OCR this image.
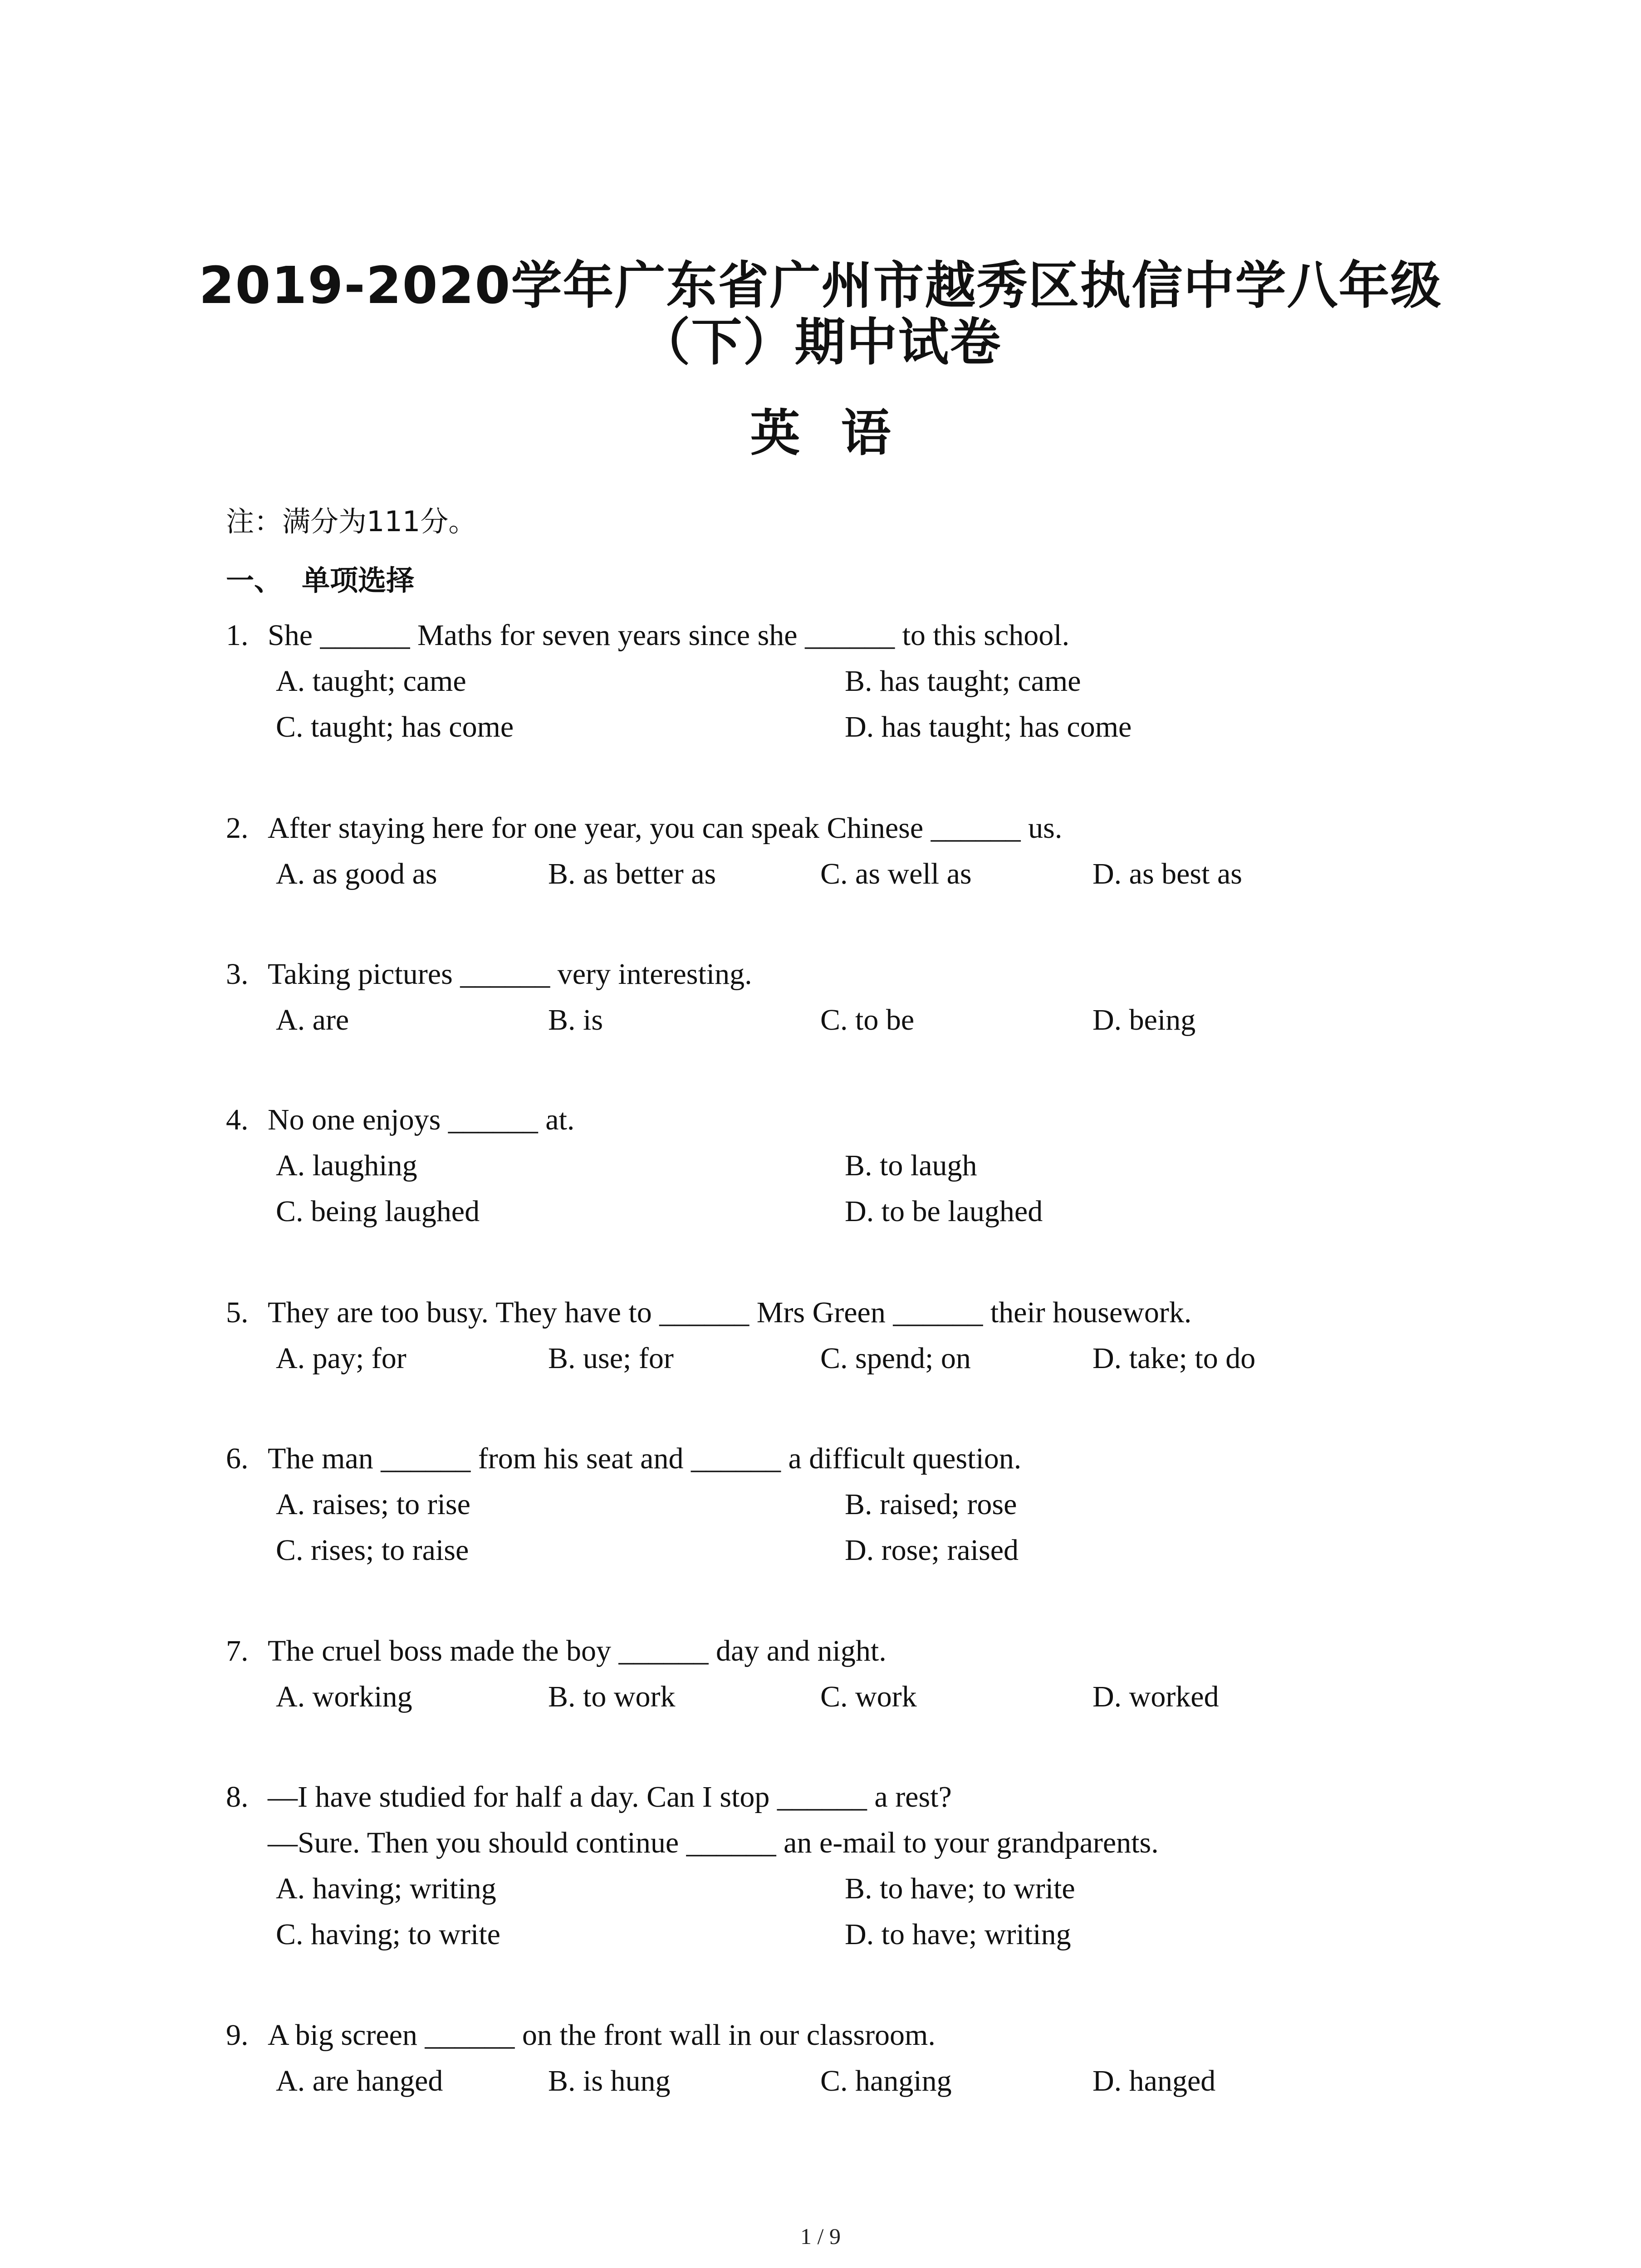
2019-2020学年广东省广州市越秀区执信中学八年级
（下）期中试卷
英语
注：满分为111分。
一、  单项选择
1. She ______ Maths for seven years since she ______ to this school.
A. taught; came	B. has taught; came
C. taught; has come	D. has taught; has come
2. After staying here for one year, you can speak Chinese ______ us.
A. as good as	B. as better as	C. as well as	D. as best as
3. Taking pictures ______ very interesting.
A. are	B. is	C. to be	D. being
4. No one enjoys ______ at.
A. laughing	B. to laugh
C. being laughed	D. to be laughed
5. They are too busy. They have to ______ Mrs Green ______ their housework.
A. pay; for	B. use; for	C. spend; on	D. take; to do
6. The man ______ from his seat and ______ a difficult question.
A. raises; to rise	B. raised; rose
C. rises; to raise	D. rose; raised
7. The cruel boss made the boy ______ day and night.
A. working	B. to work	C. work	D. worked
8. —I have studied for half a day. Can I stop ______ a rest?
—Sure. Then you should continue ______ an e-mail to your grandparents.
A. having; writing	B. to have; to write
C. having; to write	D. to have; writing
9. A big screen ______ on the front wall in our classroom.
A. are hanged	B. is hung	C. hanging	D. hanged
1 / 9
